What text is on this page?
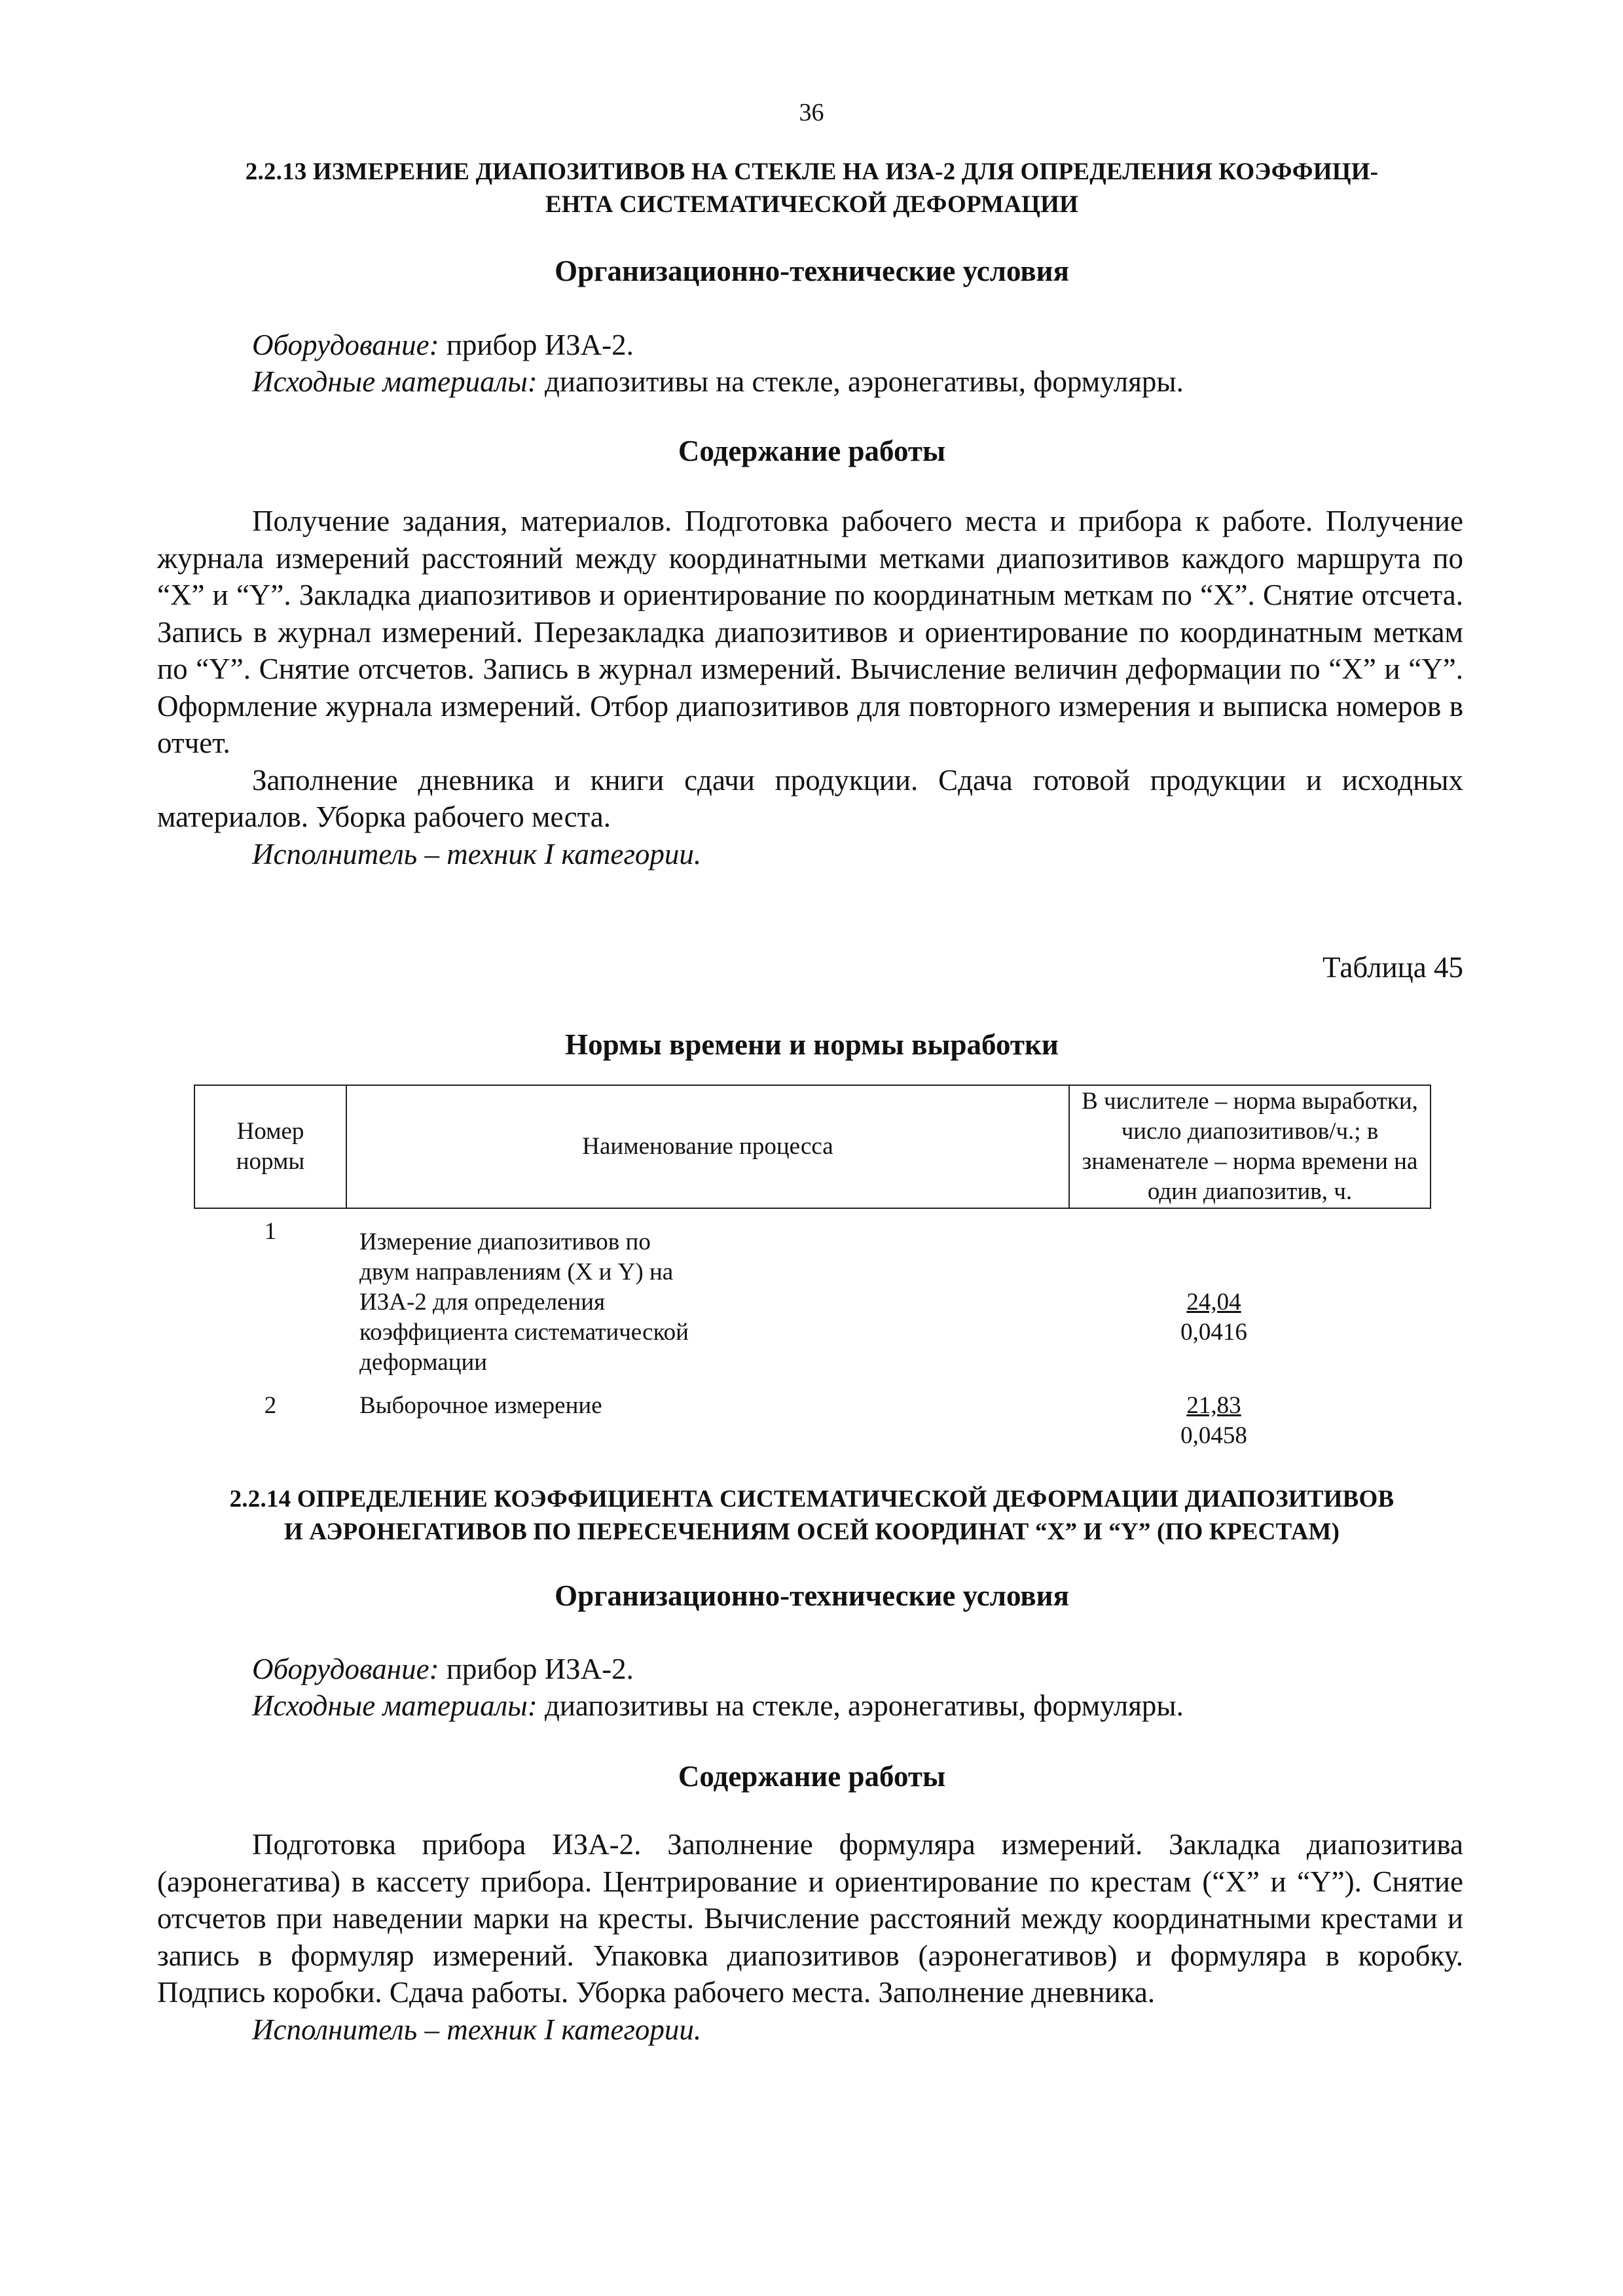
36
2.2.13 ИЗМЕРЕНИЕ ДИАПОЗИТИВОВ НА СТЕКЛЕ НА ИЗА-2 ДЛЯ ОПРЕДЕЛЕНИЯ КОЭФФИЦИ-
ЕНТА СИСТЕМАТИЧЕСКОЙ ДЕФОРМАЦИИ
Организационно-технические условия
Оборудование: прибор ИЗА-2.
Исходные материалы: диапозитивы на стекле, аэронегативы, формуляры.
Содержание работы

Получение задания, материалов. Подготовка рабочего места и прибора к работе. Получение журнала измерений расстояний между координатными метками диапозитивов каждого маршрута по “X” и “Y”. Закладка диапозитивов и ориентирование по координатным меткам по “X”. Снятие отсчета. Запись в журнал измерений. Перезакладка диапозитивов и ориентирование по координатным меткам по “Y”. Снятие отсчетов. Запись в журнал измерений. Вычисление величин деформации по “X” и “Y”. Оформление журнала измерений. Отбор диапозитивов для повторного измерения и выписка номеров в отчет.

Заполнение дневника и книги сдачи продукции. Сдача готовой продукции и исходных материалов. Уборка рабочего места.

Исполнитель – техник I категории.

Таблица 45
Нормы времени и нормы выработки
Номер нормы	Наименование процесса	В числителе – норма выработки, число диапозитивов/ч.; в знаменателе – норма времени на один диапозитив, ч.
1	Измерение диапозитивов по двум направлениям (X и Y) на ИЗА-2 для определения коэффициента систематической деформации	$\frac{24,04}{0,0416}$

2	Выборочное измерение	$\frac{21,83}{0,0458}$
2.2.14 ОПРЕДЕЛЕНИЕ КОЭФФИЦИЕНТА СИСТЕМАТИЧЕСКОЙ ДЕФОРМАЦИИ ДИАПОЗИТИВОВ
И АЭРОНЕГАТИВОВ ПО ПЕРЕСЕЧЕНИЯМ ОСЕЙ КООРДИНАТ “X” И “Y” (ПО КРЕСТАМ)
Организационно-технические условия
Оборудование: прибор ИЗА-2.
Исходные материалы: диапозитивы на стекле, аэронегативы, формуляры.
Содержание работы

Подготовка прибора ИЗА-2. Заполнение формуляра измерений. Закладка диапозитива (аэронегатива) в кассету прибора. Центрирование и ориентирование по крестам (“X” и “Y”). Снятие отсчетов при наведении марки на кресты. Вычисление расстояний между координатными крестами и запись в формуляр измерений. Упаковка диапозитивов (аэронегативов) и формуляра в коробку. Подпись коробки. Сдача работы. Уборка рабочего места. Заполнение дневника.

Исполнитель – техник I категории.
